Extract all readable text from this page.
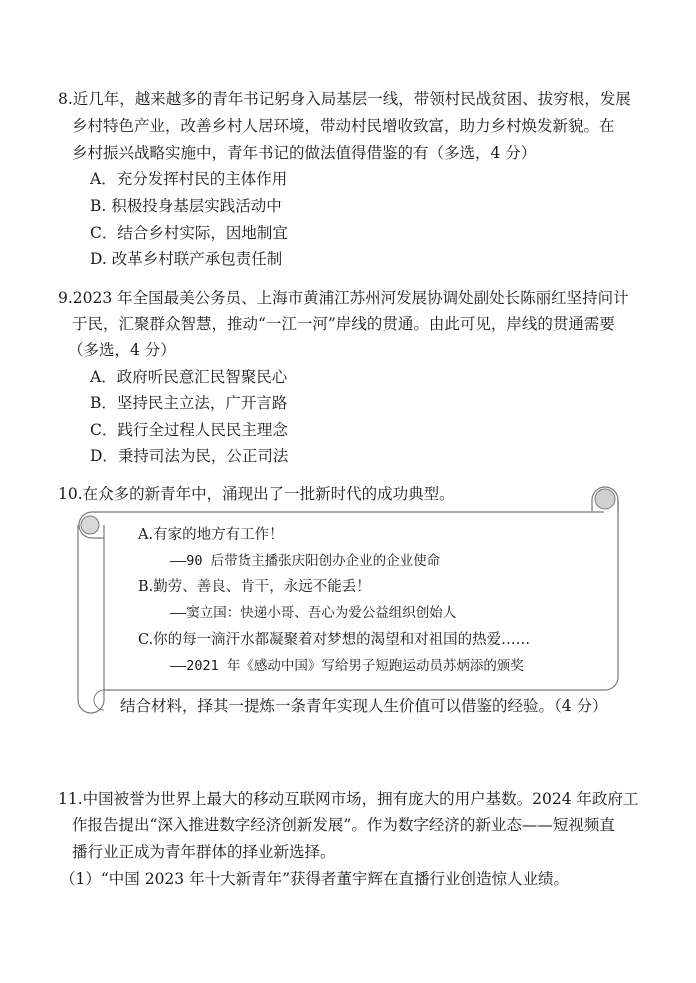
8.近几年，越来越多的青年书记躬身入局基层一线，带领村民战贫困、拔穷根，发展
乡村特色产业，改善乡村人居环境，带动村民增收致富，助力乡村焕发新貌。在
乡村振兴战略实施中，青年书记的做法值得借鉴的有（多选，4 分）
A．充分发挥村民的主体作用
B. 积极投身基层实践活动中
C．结合乡村实际，因地制宜
D. 改革乡村联产承包责任制
9.2023 年全国最美公务员、上海市黄浦江苏州河发展协调处副处长陈丽红坚持问计
于民，汇聚群众智慧，推动“一江一河”岸线的贯通。由此可见，岸线的贯通需要
（多选，4 分）
A．政府听民意汇民智聚民心
B．坚持民主立法，广开言路
C．践行全过程人民民主理念
D．秉持司法为民，公正司法
10.在众多的新青年中，涌现出了一批新时代的成功典型。
A.有家的地方有工作！
——90 后带货主播张庆阳创办企业的企业使命
B.勤劳、善良、肯干，永远不能丢！
——窦立国：快递小哥、吾心为爱公益组织创始人
C.你的每一滴汗水都凝聚着对梦想的渴望和对祖国的热爱……
——2021 年《感动中国》写给男子短跑运动员苏炳添的颁奖
结合材料，择其一提炼一条青年实现人生价值可以借鉴的经验。（4 分）
11.中国被誉为世界上最大的移动互联网市场，拥有庞大的用户基数。2024 年政府工
作报告提出“深入推进数字经济创新发展”。作为数字经济的新业态——短视频直
播行业正成为青年群体的择业新选择。
（1）“中国 2023 年十大新青年”获得者董宇辉在直播行业创造惊人业绩。
